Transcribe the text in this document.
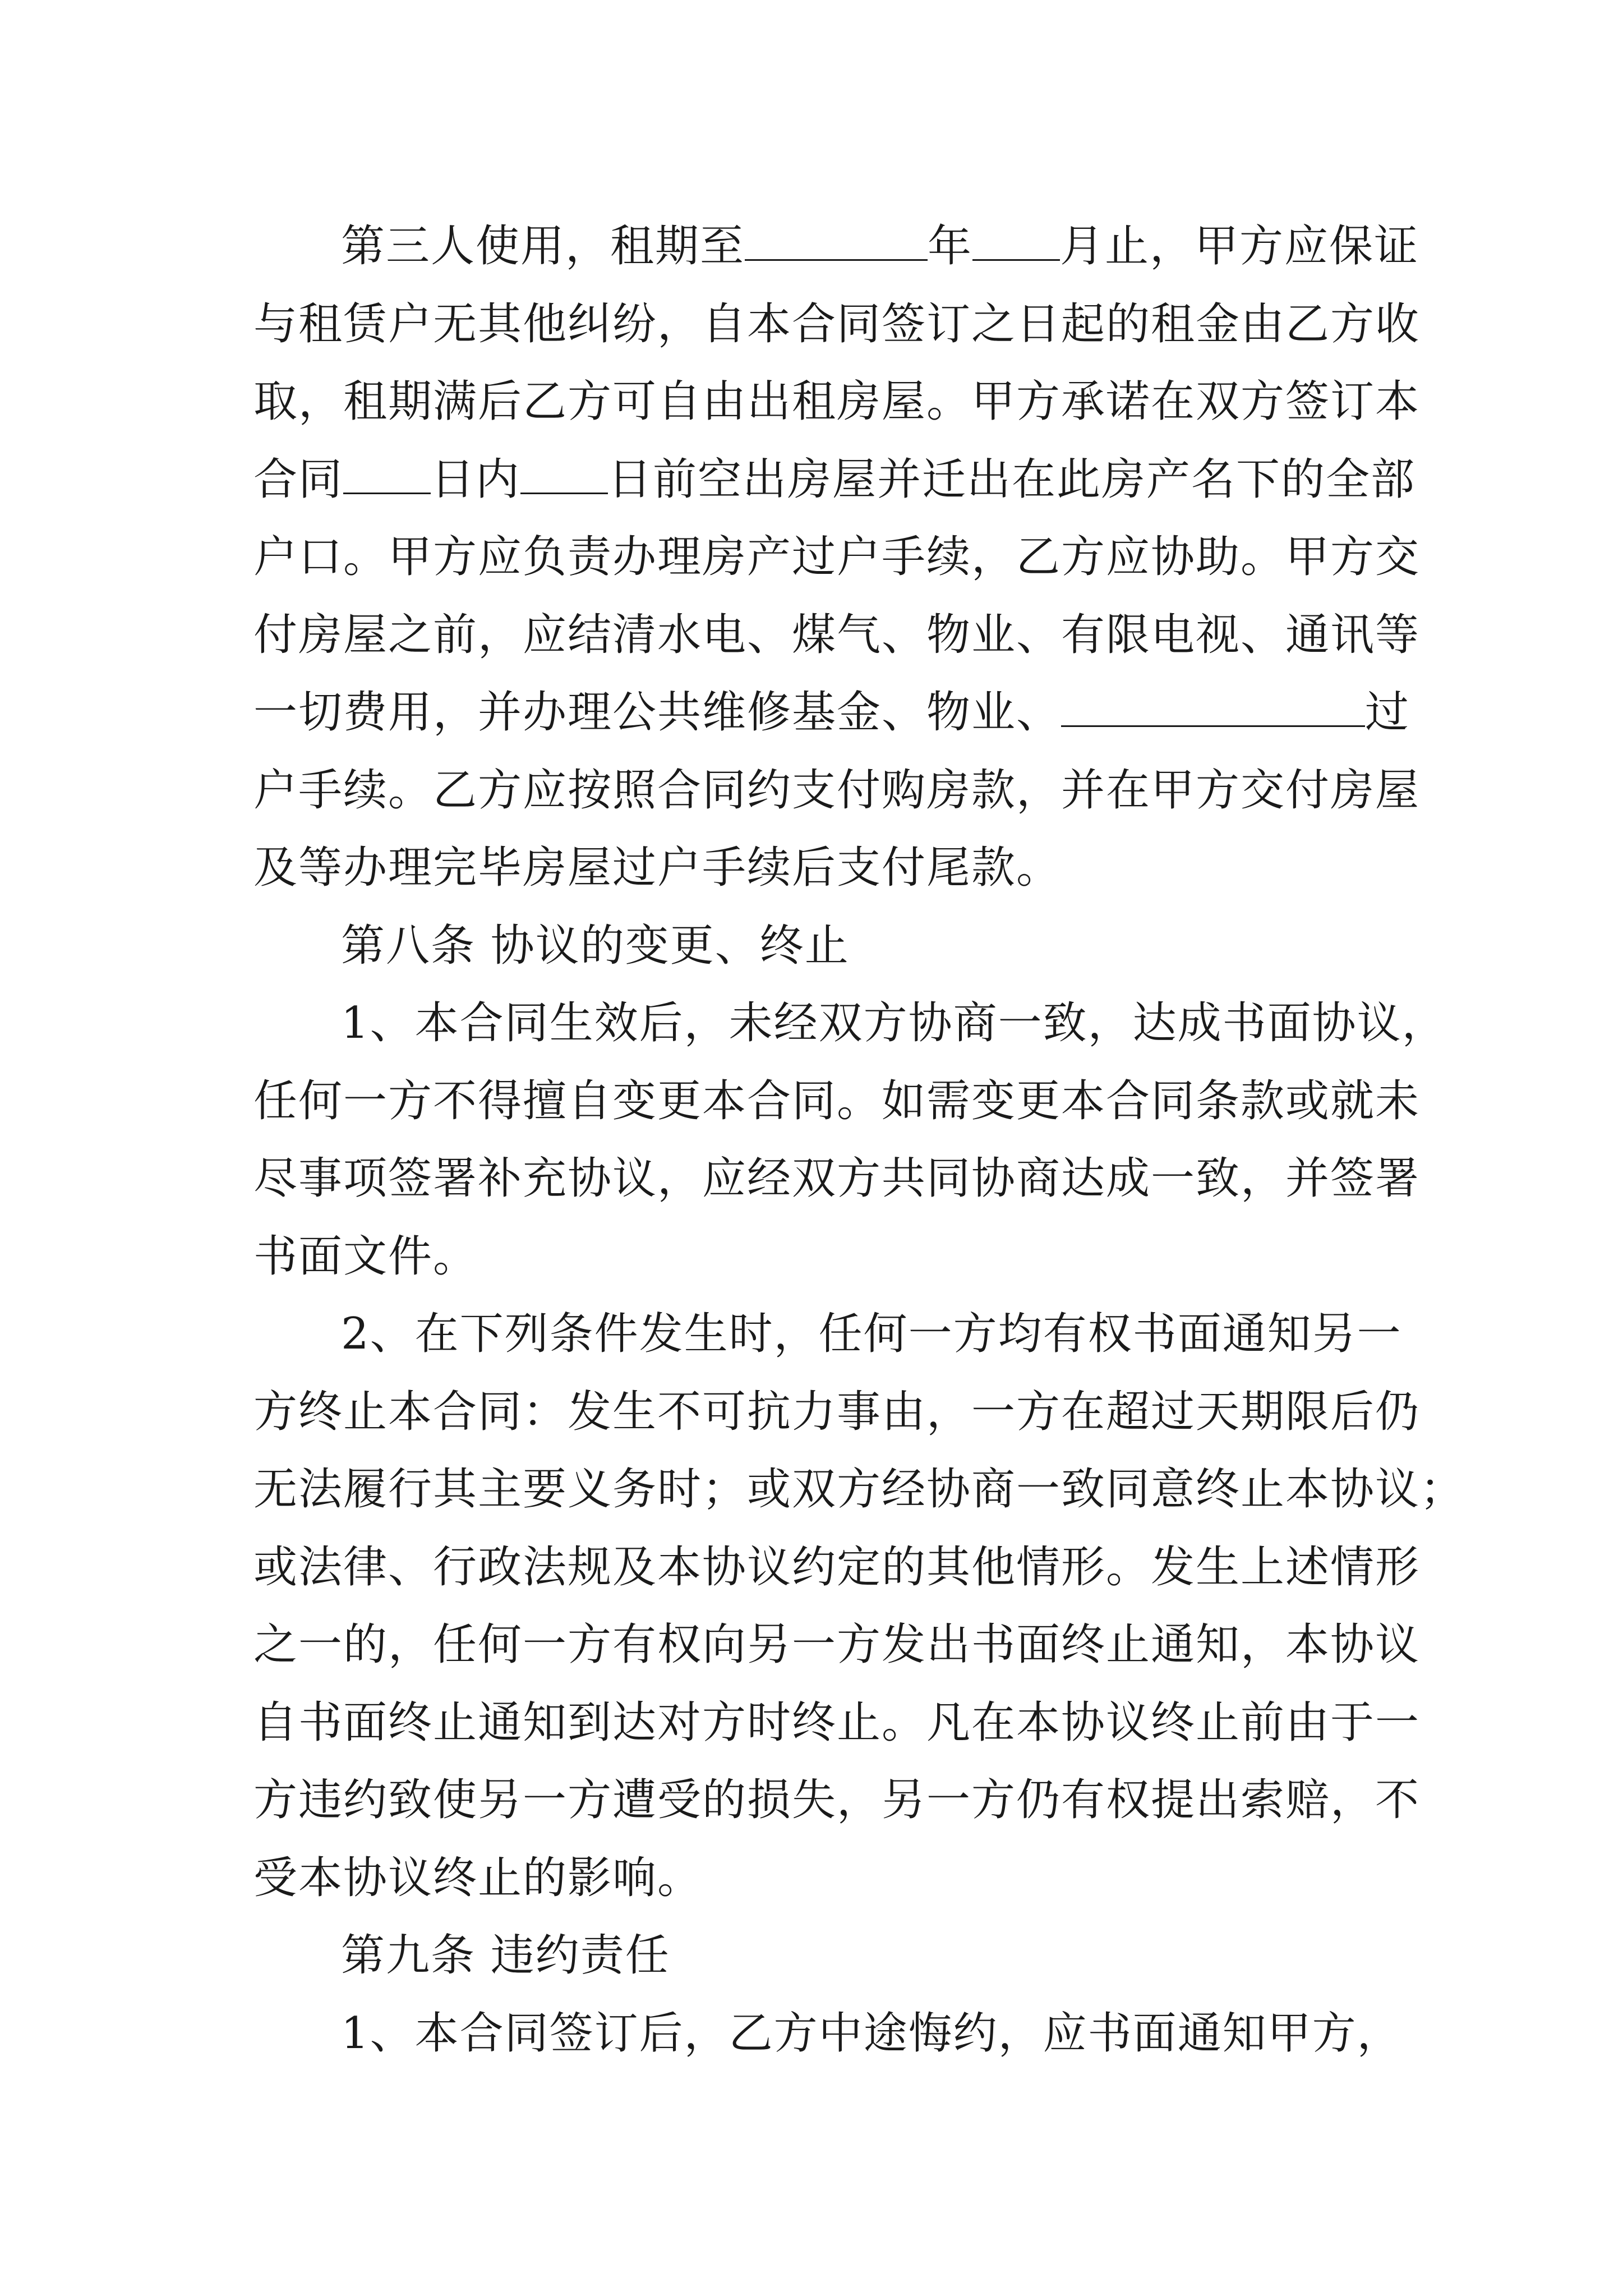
第三人使用，租期至	年 月止，甲方应保证
与租赁户无其他纠纷，自本合同签订之日起的租金由乙方收
取，租期满后乙方可自由出租房屋。甲方承诺在双方签订本
合同 日内 日前空出房屋并迁出在此房产名下的全部
户口。甲方应负责办理房产过户手续，乙方应协助。甲方交
付房屋之前，应结清水电、煤气、物业、有限电视、通讯等
一切费用，并办理公共维修基金、物业、	过
户手续。乙方应按照合同约支付购房款，并在甲方交付房屋
及等办理完毕房屋过户手续后支付尾款。
第八条 协议的变更、终止
1、本合同生效后，未经双方协商一致，达成书面协议，
任何一方不得擅自变更本合同。如需变更本合同条款或就未
尽事项签署补充协议，应经双方共同协商达成一致，并签署
书面文件。
2、在下列条件发生时，任何一方均有权书面通知另一
方终止本合同：发生不可抗力事由，一方在超过天期限后仍
无法履行其主要义务时；或双方经协商一致同意终止本协议；
或法律、行政法规及本协议约定的其他情形。发生上述情形
之一的，任何一方有权向另一方发出书面终止通知，本协议
自书面终止通知到达对方时终止。凡在本协议终止前由于一
方违约致使另一方遭受的损失，另一方仍有权提出索赔，不
受本协议终止的影响。
第九条 违约责任
1、本合同签订后，乙方中途悔约，应书面通知甲方，
